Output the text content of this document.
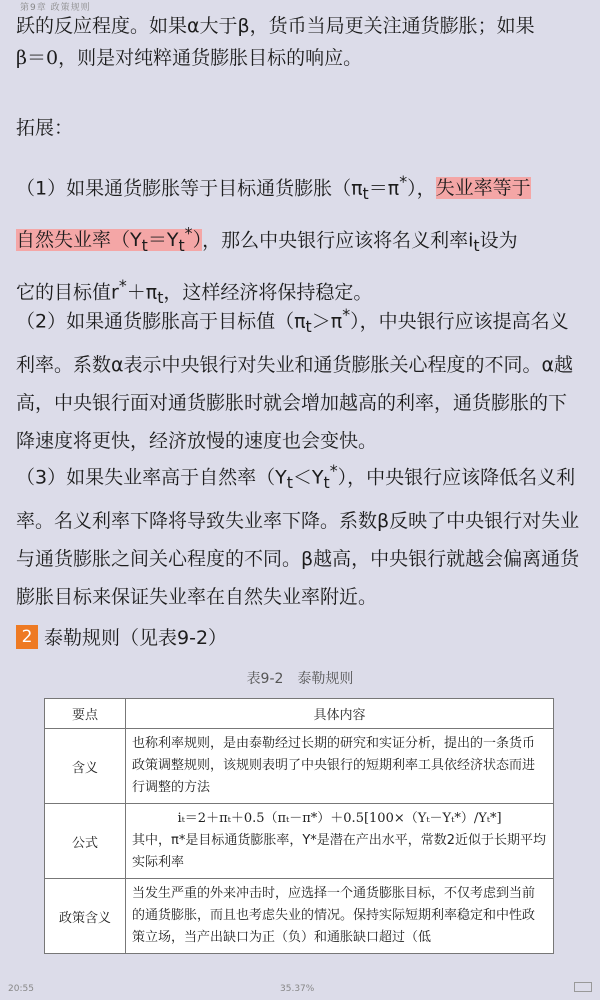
第9章 政策规则

跃的反应程度。如果α大于β，货币当局更关注通货膨胀；如果
β＝0，则是对纯粹通货膨胀目标的响应。

拓展：

（1）如果通货膨胀等于目标通货膨胀$(\pi_t=\pi^*)$，失业率等于
自然失业率$(Y_t=Y_t^*)$，那么中央银行应该将名义利率$i_t$设为
它的目标值$r^*+\pi_t$，这样经济将保持稳定。

（2）如果通货膨胀高于目标值$(\pi_t>\pi^*)$，中央银行应该提高名义利率。系数α表示中央银行对失业和通货膨胀关心程度的不同。α越高，中央银行面对通货膨胀时就会增加越高的利率，通货膨胀的下降速度将更快，经济放慢的速度也会变快。

（3）如果失业率高于自然率$(Y_t<Y_t^*)$，中央银行应该降低名义利率。名义利率下降将导致失业率下降。系数β反映了中央银行对失业与通货膨胀之间关心程度的不同。β越高，中央银行就越会偏离通货膨胀目标来保证失业率在自然失业率附近。

2 泰勒规则（见表9-2）
表9-2　泰勒规则
要点	具体内容
含义	也称利率规则，是由泰勒经过长期的研究和实证分析，提出的一条货币政策调整规则，该规则表明了中央银行的短期利率工具依经济状态而进行调整的方法
公式	iₜ＝2＋πₜ＋0.5（πₜ－π*）＋0.5[100×（Yₜ－Yₜ*）/Yₜ*]
其中，π*是目标通货膨胀率，Y*是潜在产出水平，常数2近似于长期平均实际利率

政策含义	当发生严重的外来冲击时，应选择一个通货膨胀目标，不仅考虑到当前的通货膨胀，而且也考虑失业的情况。保持实际短期利率稳定和中性政策立场，当产出缺口为正（负）和通胀缺口超过（低
20:55	35.37%
